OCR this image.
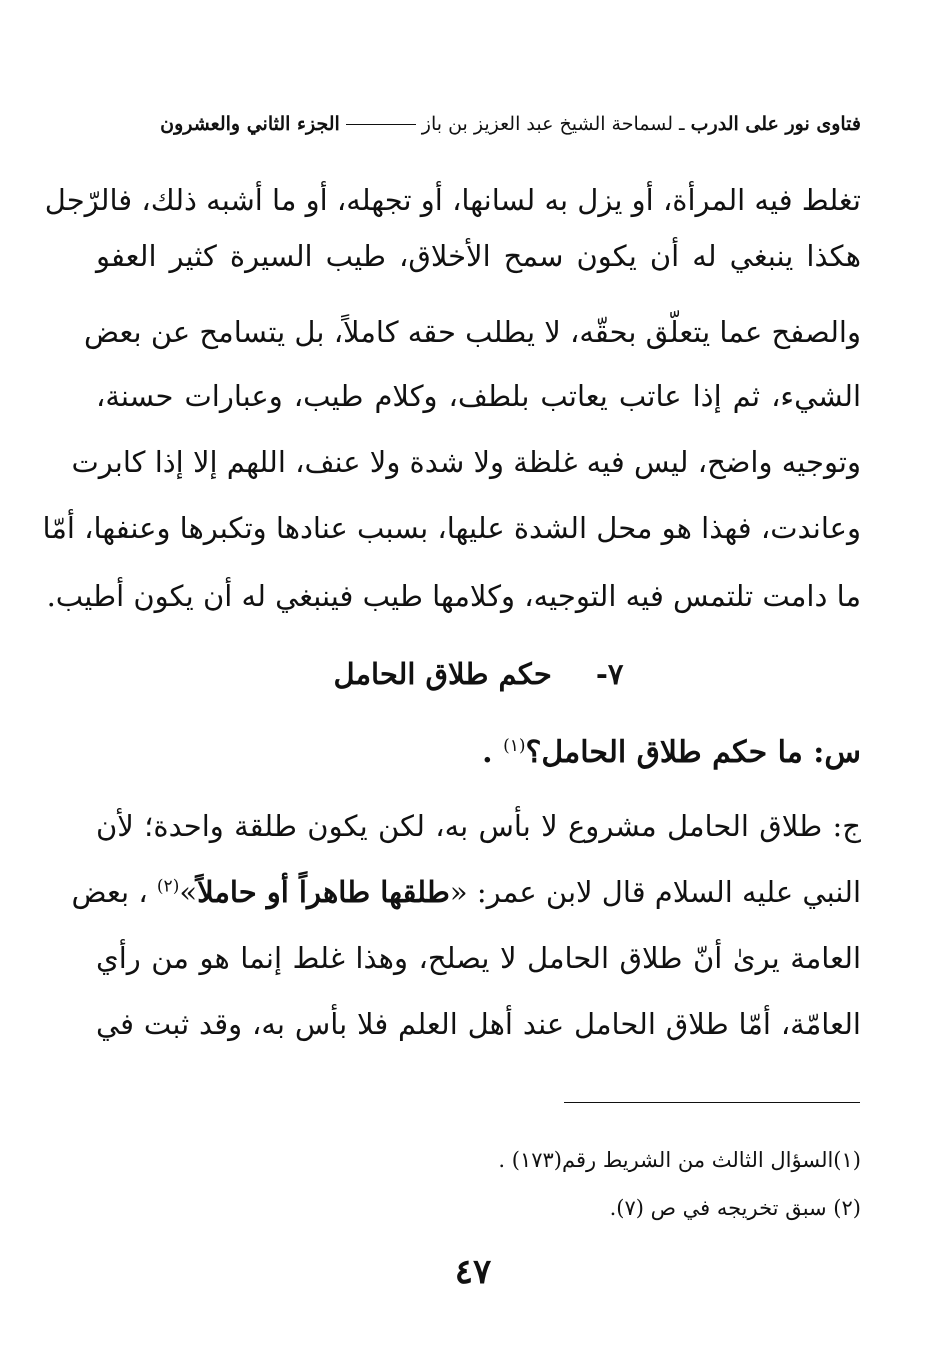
فتاوى نور على الدرب
ـ
لسماحة الشيخ عبد العزيز بن باز
الجزء الثاني والعشرون
تغلط فيه المرأة، أو يزل به لسانها، أو تجهله، أو ما أشبه ذلك، فالرّجل
هكذا ينبغي له أن يكون سمح الأخلاق، طيب السيرة كثير العفو
والصفح عما يتعلّق بحقّه، لا يطلب حقه كاملاً، بل يتسامح عن بعض
الشيء، ثم إذا عاتب يعاتب بلطف، وكلام طيب، وعبارات حسنة،
وتوجيه واضح، ليس فيه غلظة ولا شدة ولا عنف، اللهم إلا إذا كابرت
وعاندت، فهذا هو محل الشدة عليها، بسبب عنادها وتكبرها وعنفها، أمّا
ما دامت تلتمس فيه التوجيه، وكلامها طيب فينبغي له أن يكون أطيب.
٧- حكم طلاق الحامل
س: ما حكم طلاق الحامل؟$^{(١)}$ .
ج: طلاق الحامل مشروع لا بأس به، لكن يكون طلقة واحدة؛ لأن
النبي عليه السلام قال لابن عمر: «طلقها طاهراً أو حاملاً»$^{(٢)}$ ، بعض
العامة يرىٰ أنّ طلاق الحامل لا يصلح، وهذا غلط إنما هو من رأي
العامّة، أمّا طلاق الحامل عند أهل العلم فلا بأس به، وقد ثبت في
(١)السؤال الثالث من الشريط رقم(١٧٣) .
(٢) سبق تخريجه في ص (٧).
٤٧
